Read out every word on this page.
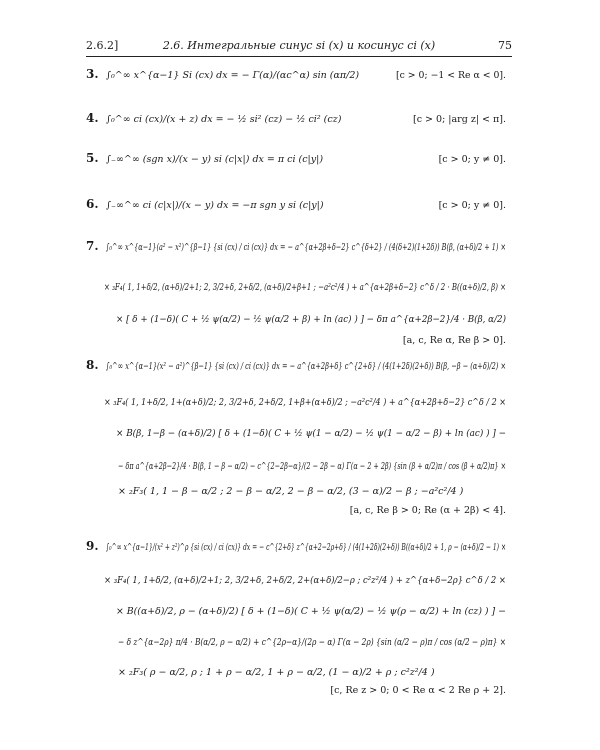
2.6.2]	2.6. Интегральные синус si (x) и косинус ci (x)	75
3. ∫₀^∞ x^{α−1} Si (cx) dx = − Γ(α)/(αc^α) sin (απ/2)	[c > 0; −1 < Re α < 0].
4. ∫₀^∞ ci (cx)/(x + z) dx = − ½ si² (cz) − ½ ci² (cz)	[c > 0; |arg z| < π].
5. ∫₋∞^∞ (sgn x)/(x − y) si (c|x|) dx = π ci (c|y|)	[c > 0; y ≠ 0].
6. ∫₋∞^∞ ci (c|x|)/(x − y) dx = −π sgn y si (c|y|)	[c > 0; y ≠ 0].
7. ∫₀^∞ x^{α−1}(a² − x²)^{β−1} {si (cx) / ci (cx)} dx = − a^{α+2β+δ−2} c^{δ+2} / (4(δ+2)(1+2δ)) B(β, (α+δ)/2 + 1) ×
× ₃F₄( 1, 1+δ/2, (α+δ)/2+1; 2, 3/2+δ, 2+δ/2, (α+δ)/2+β+1 ; −a²c²/4 ) + a^{α+2β+δ−2} c^δ / 2 · B((α+δ)/2, β) ×
× [ δ + (1−δ)( C + ½ ψ(α/2) − ½ ψ(α/2 + β) + ln (ac) ) ] − δπ a^{α+2β−2}/4 · B(β, α/2)
[a, c, Re α, Re β > 0].
8. ∫₀^∞ x^{α−1}(x² − a²)^{β−1} {si (cx) / ci (cx)} dx = − a^{α+2β+δ} c^{2+δ} / (4(1+2δ)(2+δ)) B(β, −β − (α+δ)/2) ×
× ₃F₄( 1, 1+δ/2, 1+(α+δ)/2; 2, 3/2+δ, 2+δ/2, 1+β+(α+δ)/2 ; −a²c²/4 ) + a^{α+2β+δ−2} c^δ / 2 ×
× B(β, 1−β − (α+δ)/2) [ δ + (1−δ)( C + ½ ψ(1 − α/2) − ½ ψ(1 − α/2 − β) + ln (ac) ) ] −
− δπ a^{α+2β−2}/4 · B(β, 1 − β − α/2) − c^{2−2β−α}/(2 − 2β − α) Γ(α − 2 + 2β) {sin (β + α/2)π / cos (β + α/2)π} ×
× ₂F₃( 1, 1 − β − α/2 ; 2 − β − α/2, 2 − β − α/2, (3 − α)/2 − β ; −a²c²/4 )
[a, c, Re β > 0; Re (α + 2β) < 4].
9. ∫₀^∞ x^{α−1}/(x² + z²)^ρ {si (cx) / ci (cx)} dx = − c^{2+δ} z^{α+2−2ρ+δ} / (4(1+2δ)(2+δ)) B((α+δ)/2 + 1, ρ − (α+δ)/2 − 1) ×
× ₃F₄( 1, 1+δ/2, (α+δ)/2+1; 2, 3/2+δ, 2+δ/2, 2+(α+δ)/2−ρ ; c²z²/4 ) + z^{α+δ−2ρ} c^δ / 2 ×
× B((α+δ)/2, ρ − (α+δ)/2) [ δ + (1−δ)( C + ½ ψ(α/2) − ½ ψ(ρ − α/2) + ln (cz) ) ] −
− δ z^{α−2ρ} π/4 · B(α/2, ρ − α/2) + c^{2ρ−α}/(2ρ − α) Γ(α − 2ρ) {sin (α/2 − ρ)π / cos (α/2 − ρ)π} ×
× ₂F₃( ρ − α/2, ρ ; 1 + ρ − α/2, 1 + ρ − α/2, (1 − α)/2 + ρ ; c²z²/4 )
[c, Re z > 0; 0 < Re α < 2 Re ρ + 2].
